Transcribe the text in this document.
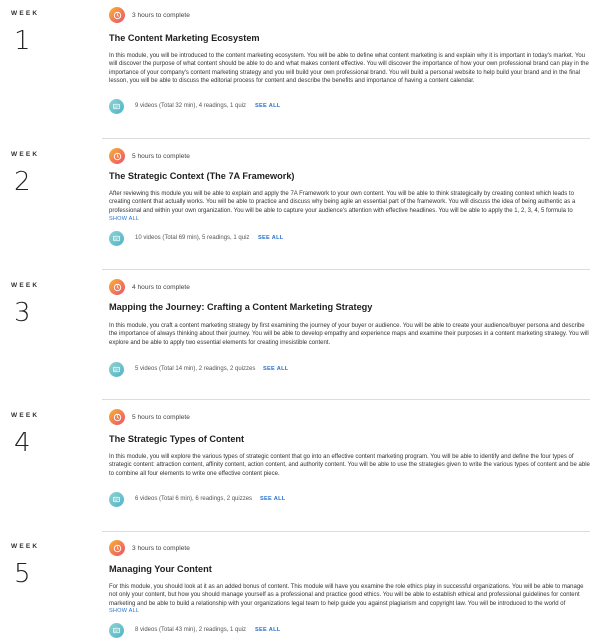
WEEK
1
3 hours to complete
The Content Marketing Ecosystem
In this module, you will be introduced to the content marketing ecosystem. You will be able to define what content marketing is and explain why it is important in today's market. You will discover the purpose of what content should be able to do and what makes content effective. You will discover the importance of how your own professional brand can play in the importance of your company's content marketing strategy and you will build your own professional brand. You will build a personal website to help build your brand and in the final lesson, you will be able to discuss the editorial process for content and describe the benefits and importance of having a content calendar.
9 videos (Total 32 min), 4 readings, 1 quiz SEE ALL
WEEK
2
5 hours to complete
The Strategic Context (The 7A Framework)
After reviewing this module you will be able to explain and apply the 7A Framework to your own content. You will be able to think strategically by creating context which leads to creating content that actually works. You will be able to practice and discuss why being agile an essential part of the framework. You will discuss the idea of being authentic as a professional and within your own organization. You will be able to capture your audience's attention with effective headlines. You will be able to apply the 1, 2, 3, 4, 5 formula to
SHOW ALL
10 videos (Total 69 min), 5 readings, 1 quiz SEE ALL
WEEK
3
4 hours to complete
Mapping the Journey: Crafting a Content Marketing Strategy
In this module, you craft a content marketing strategy by first examining the journey of your buyer or audience. You will be able to create your audience/buyer persona and describe the importance of always thinking about their journey. You will be able to develop empathy and experience maps and examine their purposes in a content marketing strategy. You will explore and be able to apply two essential elements for creating irresistible content.
5 videos (Total 14 min), 2 readings, 2 quizzes SEE ALL
WEEK
4
5 hours to complete
The Strategic Types of Content
In this module, you will explore the various types of strategic content that go into an effective content marketing program. You will be able to identify and define the four types of strategic content: attraction content, affinity content, action content, and authority content. You will be able to use the strategies given to write the various types of content and be able to combine all four elements to write one effective content piece.
6 videos (Total 6 min), 6 readings, 2 quizzes SEE ALL
WEEK
5
3 hours to complete
Managing Your Content
For this module, you should look at it as an added bonus of content. This module will have you examine the role ethics play in successful organizations. You will be able to manage not only your content, but how you should manage yourself as a professional and practice good ethics. You will be able to establish ethical and professional guidelines for content marketing and be able to build a relationship with your organizations legal team to help guide you against plagiarism and copyright law. You will be introduced to the world of
SHOW ALL
8 videos (Total 43 min), 2 readings, 1 quiz SEE ALL
